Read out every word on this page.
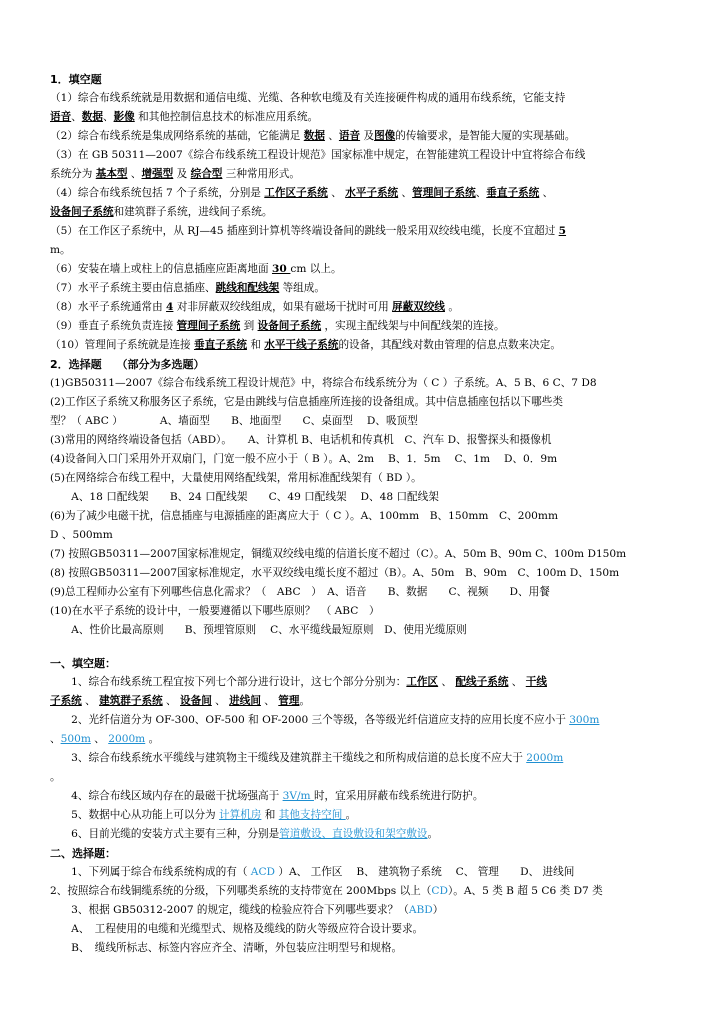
1．填空题
（1）综合布线系统就是用数据和通信电缆、光缆、各种软电缆及有关连接硬件构成的通用布线系统，它能支持
语音、数据、影像 和其他控制信息技术的标准应用系统。
（2）综合布线系统是集成网络系统的基础，它能满足 数据 、语音 及图像的传输要求，是智能大厦的实现基础。
（3）在 GB 50311—2007《综合布线系统工程设计规范》国家标准中规定，在智能建筑工程设计中宜将综合布线
系统分为 基本型 、增强型 及 综合型 三种常用形式。
（4）综合布线系统包括 7 个子系统，分别是 工作区子系统 、 水平子系统 、管理间子系统、垂直子系统 、
设备间子系统和建筑群子系统，进线间子系统。
（5）在工作区子系统中，从 RJ—45 插座到计算机等终端设备间的跳线一般采用双绞线电缆，长度不宜超过 5
m。
（6）安装在墙上或柱上的信息插座应距离地面 30 cm 以上。
（7）水平子系统主要由信息插座、跳线和配线架 等组成。
（8）水平子系统通常由 4 对非屏蔽双绞线组成，如果有磁场干扰时可用 屏蔽双绞线 。
（9）垂直子系统负责连接 管理间子系统 到 设备间子系统 ，实现主配线架与中间配线架的连接。
（10）管理间子系统就是连接 垂直子系统 和 水平干线子系统的设备，其配线对数由管理的信息点数来决定。
2．选择题　 （部分为多选题）
(1)GB50311—2007《综合布线系统工程设计规范》中，将综合布线系统分为（ C ）子系统。A、5 B、6 C、7 D8
(2)工作区子系统又称服务区子系统，它是由跳线与信息插座所连接的设备组成。其中信息插座包括以下哪些类
型？（ ABC ）　　　　A、墙面型　　B、地面型　　C、桌面型　 D、吸顶型
(3)常用的网络终端设备包括（ABD）。　　A、计算机 B、电话机和传真机　C、汽车 D、报警探头和摄像机
(4)设备间入口门采用外开双扇门，门宽一般不应小于（ B ）。A、2m　 B、1．5m　 C、1m　 D、0．9m
(5)在网络综合布线工程中，大量使用网络配线架，常用标准配线架有（ BD ）。
　　A、18 口配线架　　B、24 口配线架　　C、49 口配线架　 D、48 口配线架
(6)为了减少电磁干扰，信息插座与电源插座的距离应大于（ C ）。A、100mm　B、150mm　C、200mm
D 、500mm
(7) 按照GB50311—2007国家标准规定，铜缆双绞线电缆的信道长度不超过（C）。A、50m B、90m C、100m D150m
(8) 按照GB50311—2007国家标准规定，水平双绞线电缆长度不超过（B）。A、50m　B、90m　C、100m D、150m
(9)总工程师办公室有下列哪些信息化需求？（　ABC　）　A、语音　　B、数据　　C、视频　　D、用餐
(10)在水平子系统的设计中，一般要遵循以下哪些原则？　（ ABC　）
　　A、性价比最高原则　　B、预埋管原则　 C、水平缆线最短原则　D、使用光缆原则
一、填空题：
　　1、综合布线系统工程宜按下列七个部分进行设计，这七个部分分别为：工作区 、 配线子系统 、 干线
子系统 、 建筑群子系统 、 设备间 、 进线间 、 管理。
　　2、光纤信道分为 OF-300、OF-500 和 OF-2000 三个等级，各等级光纤信道应支持的应用长度不应小于 300m
、500m 、 2000m 。
　　3、综合布线系统水平缆线与建筑物主干缆线及建筑群主干缆线之和所构成信道的总长度不应大于 2000m
。
　　4、综合布线区域内存在的最磁干扰场强高于 3V/m 时，宜采用屏蔽布线系统进行防护。
　　5、数据中心从功能上可以分为 计算机房 和 其他支持空间 。
　　6、目前光缆的安装方式主要有三种，分别是管道敷设、直设敷设和架空敷设。
二、选择题：
　　1、下列属于综合布线系统构成的有（ ACD ）A、 工作区　 B、 建筑物子系统　 C、 管理　　D、 进线间
2、按照综合布线铜缆系统的分级，下列哪类系统的支持带宽在 200Mbps 以上（CD）。A、5 类 B 超 5 C6 类 D7 类
　　3、根据 GB50312-2007 的规定，缆线的检验应符合下列哪些要求？（ABD）
　　A、　工程使用的电缆和光缆型式、规格及缆线的防火等级应符合设计要求。
　　B、　缆线所标志、标签内容应齐全、清晰，外包装应注明型号和规格。
